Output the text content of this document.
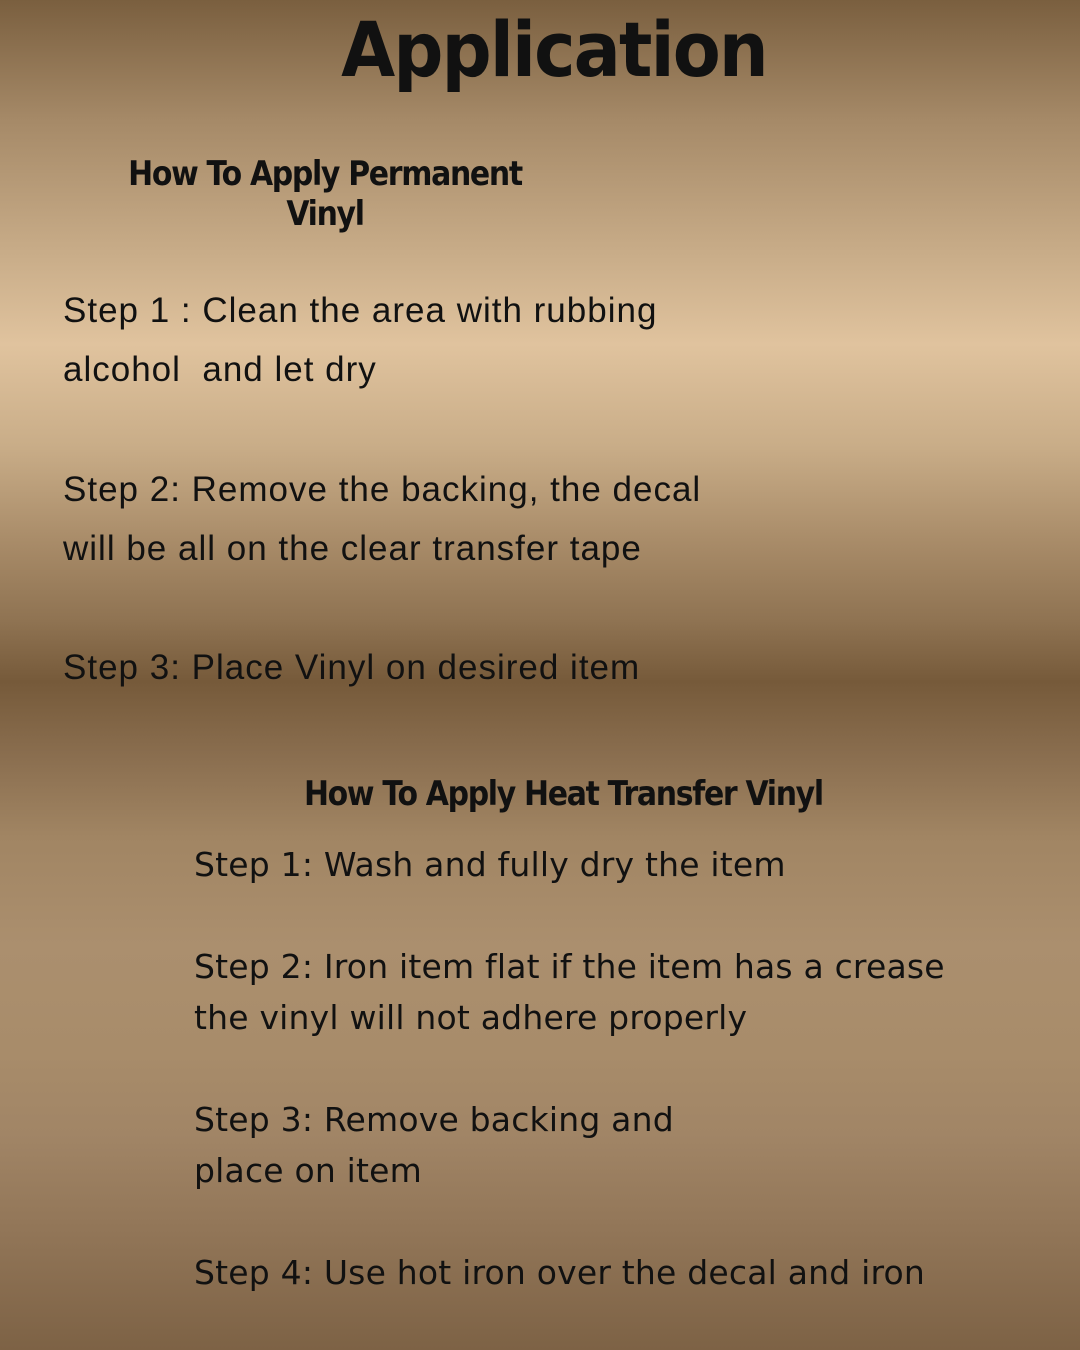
Application
How To Apply Permanent
Vinyl

Step 1 : Clean the area with rubbing
alcohol  and let dry

Step 2: Remove the backing, the decal
will be all on the clear transfer tape

Step 3: Place Vinyl on desired item

How To Apply Heat Transfer Vinyl

Step 1: Wash and fully dry the item

Step 2: Iron item flat if the item has a crease
the vinyl will not adhere properly

Step 3: Remove backing and
place on item

Step 4: Use hot iron over the decal and iron
